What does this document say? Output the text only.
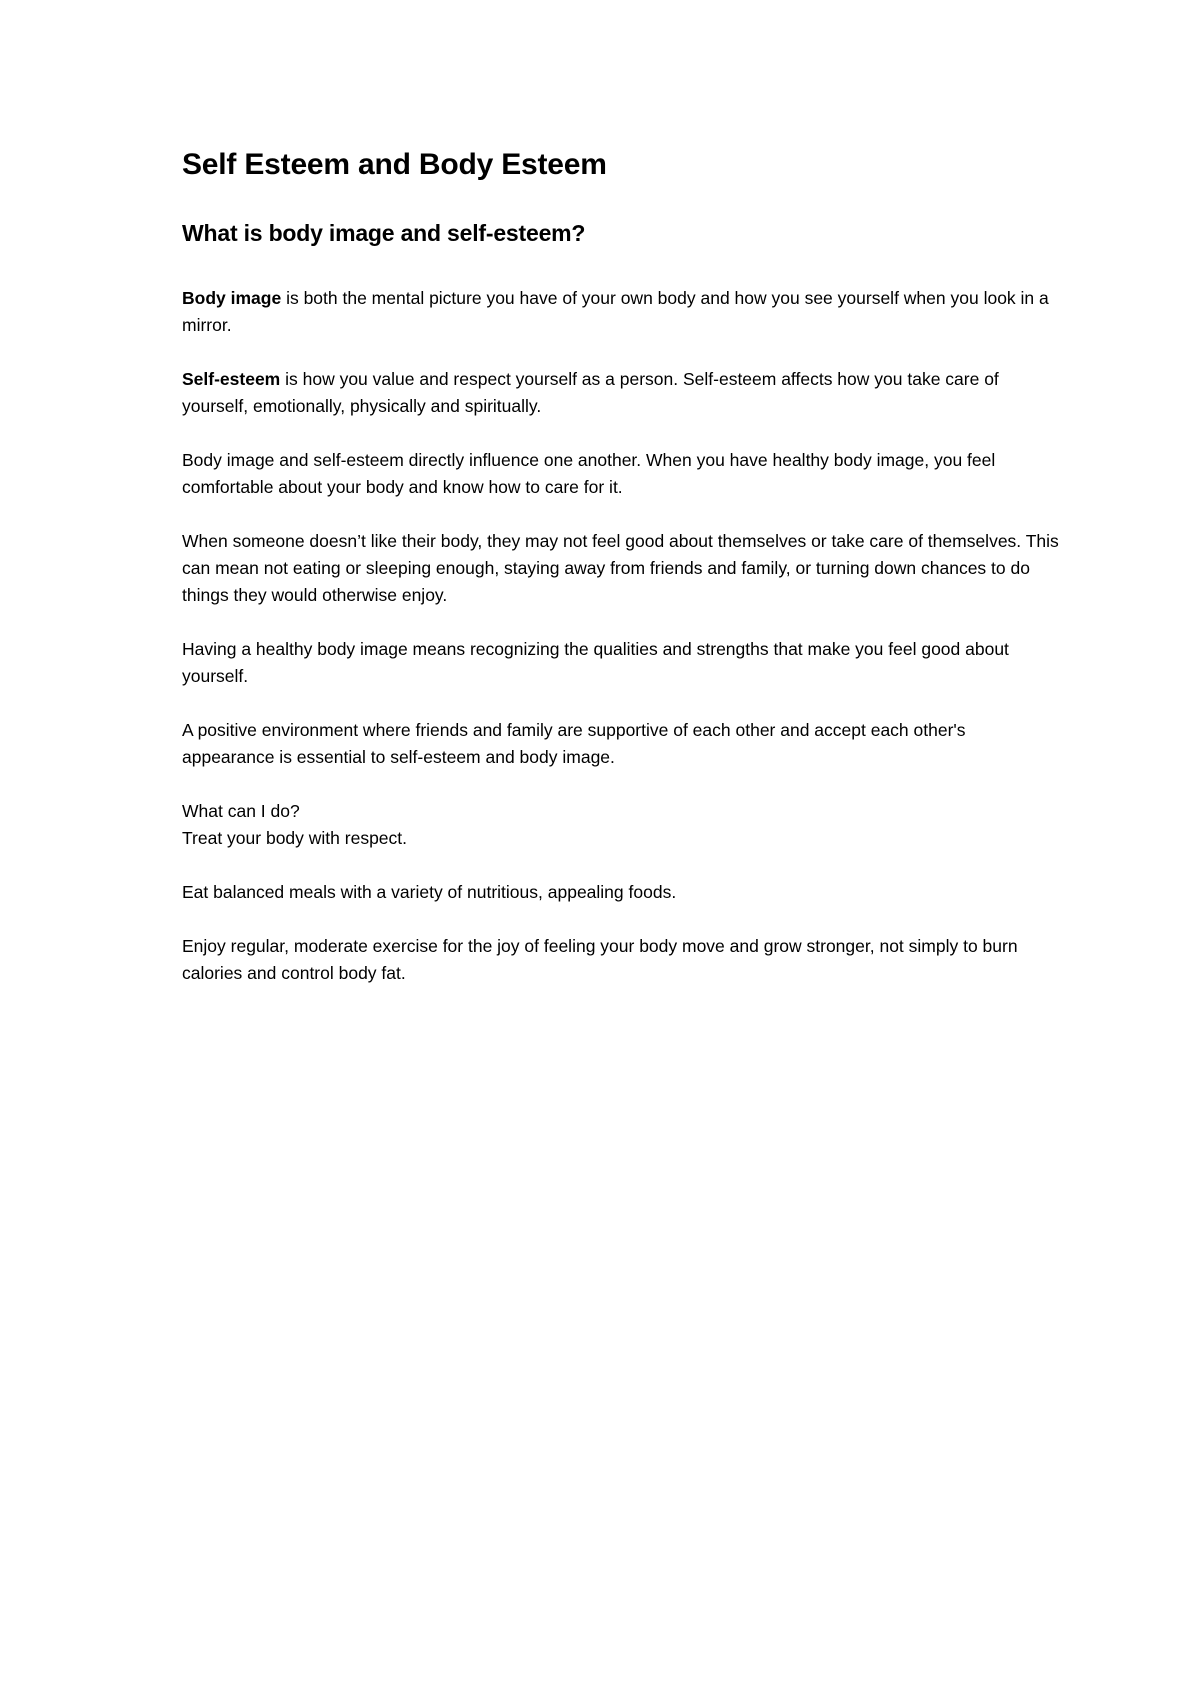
Self Esteem and Body Esteem
What is body image and self-esteem?

Body image is both the mental picture you have of your own body and how you see yourself when you look in a mirror.

Self-esteem is how you value and respect yourself as a person. Self-esteem affects how you take care of yourself, emotionally, physically and spiritually.

Body image and self-esteem directly influence one another. When you have healthy body image, you feel comfortable about your body and know how to care for it.

When someone doesn’t like their body, they may not feel good about themselves or take care of themselves. This can mean not eating or sleeping enough, staying away from friends and family, or turning down chances to do things they would otherwise enjoy.

Having a healthy body image means recognizing the qualities and strengths that make you feel good about yourself.

A positive environment where friends and family are supportive of each other and accept each other's appearance is essential to self-esteem and body image.

What can I do?

Treat your body with respect.

Eat balanced meals with a variety of nutritious, appealing foods.

Enjoy regular, moderate exercise for the joy of feeling your body move and grow stronger, not simply to burn calories and control body fat.
